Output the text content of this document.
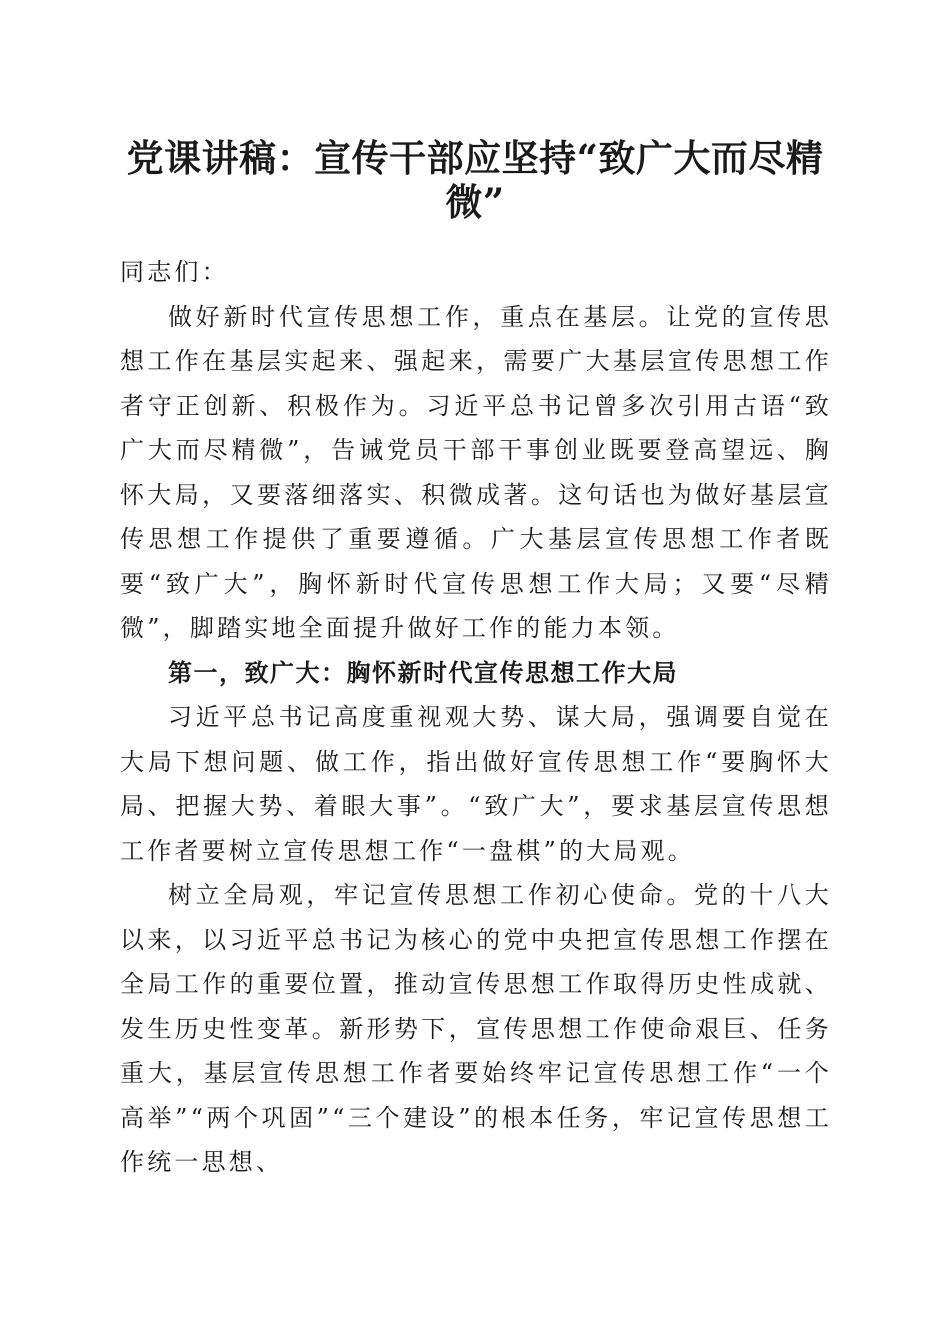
党课讲稿：宣传干部应坚持“致广大而尽精微”

同志们：

做好新时代宣传思想工作，重点在基层。让党的宣传思想工作在基层实起来、强起来，需要广大基层宣传思想工作者守正创新、积极作为。习近平总书记曾多次引用古语“致广大而尽精微”，告诫党员干部干事创业既要登高望远、胸怀大局，又要落细落实、积微成著。这句话也为做好基层宣传思想工作提供了重要遵循。广大基层宣传思想工作者既要“致广大”，胸怀新时代宣传思想工作大局；又要“尽精微”，脚踏实地全面提升做好工作的能力本领。

第一，致广大：胸怀新时代宣传思想工作大局

习近平总书记高度重视观大势、谋大局，强调要自觉在大局下想问题、做工作，指出做好宣传思想工作“要胸怀大局、把握大势、着眼大事”。“致广大”，要求基层宣传思想工作者要树立宣传思想工作“一盘棋”的大局观。

树立全局观，牢记宣传思想工作初心使命。党的十八大以来，以习近平总书记为核心的党中央把宣传思想工作摆在全局工作的重要位置，推动宣传思想工作取得历史性成就、发生历史性变革。新形势下，宣传思想工作使命艰巨、任务重大，基层宣传思想工作者要始终牢记宣传思想工作“一个高举”“两个巩固”“三个建设”的根本任务，牢记宣传思想工作统一思想、
